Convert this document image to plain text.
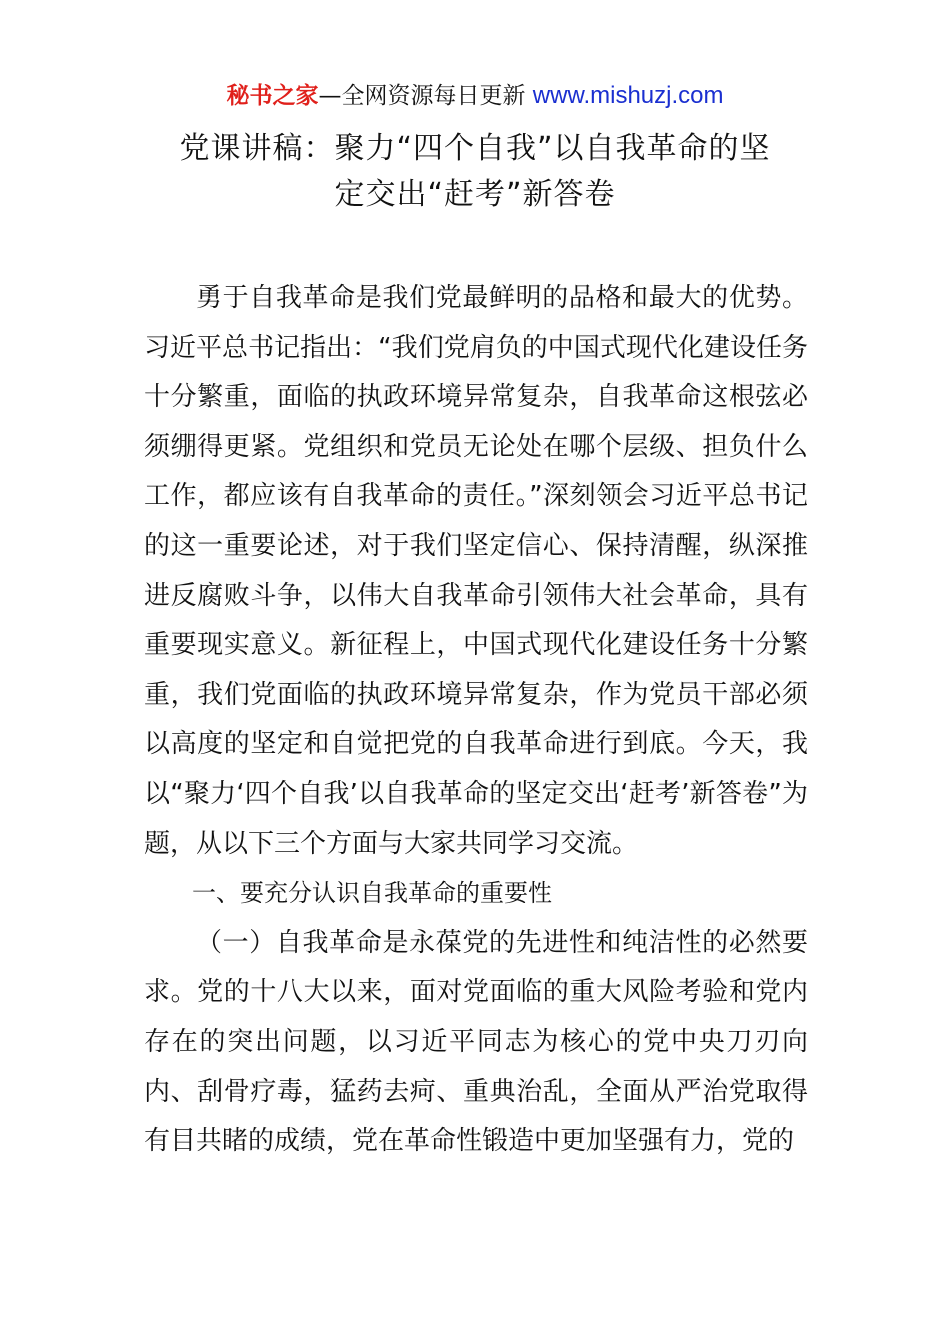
秘书之家—全网资源每日更新 www.mishuzj.com
党课讲稿：聚力“四个自我”以自我革命的坚
定交出“赶考”新答卷

勇于自我革命是我们党最鲜明的品格和最大的优势。习近平总书记指出：“我们党肩负的中国式现代化建设任务十分繁重，面临的执政环境异常复杂，自我革命这根弦必须绷得更紧。党组织和党员无论处在哪个层级、担负什么工作，都应该有自我革命的责任。”深刻领会习近平总书记的这一重要论述，对于我们坚定信心、保持清醒，纵深推进反腐败斗争，以伟大自我革命引领伟大社会革命，具有重要现实意义。新征程上，中国式现代化建设任务十分繁重，我们党面临的执政环境异常复杂，作为党员干部必须以高度的坚定和自觉把党的自我革命进行到底。今天，我以“聚力‘四个自我’以自我革命的坚定交出‘赶考’新答卷”为题，从以下三个方面与大家共同学习交流。

一、要充分认识自我革命的重要性

（一）自我革命是永葆党的先进性和纯洁性的必然要求。党的十八大以来，面对党面临的重大风险考验和党内存在的突出问题，以习近平同志为核心的党中央刀刃向内、刮骨疗毒，猛药去疴、重典治乱，全面从严治党取得有目共睹的成绩，党在革命性锻造中更加坚强有力，党的
